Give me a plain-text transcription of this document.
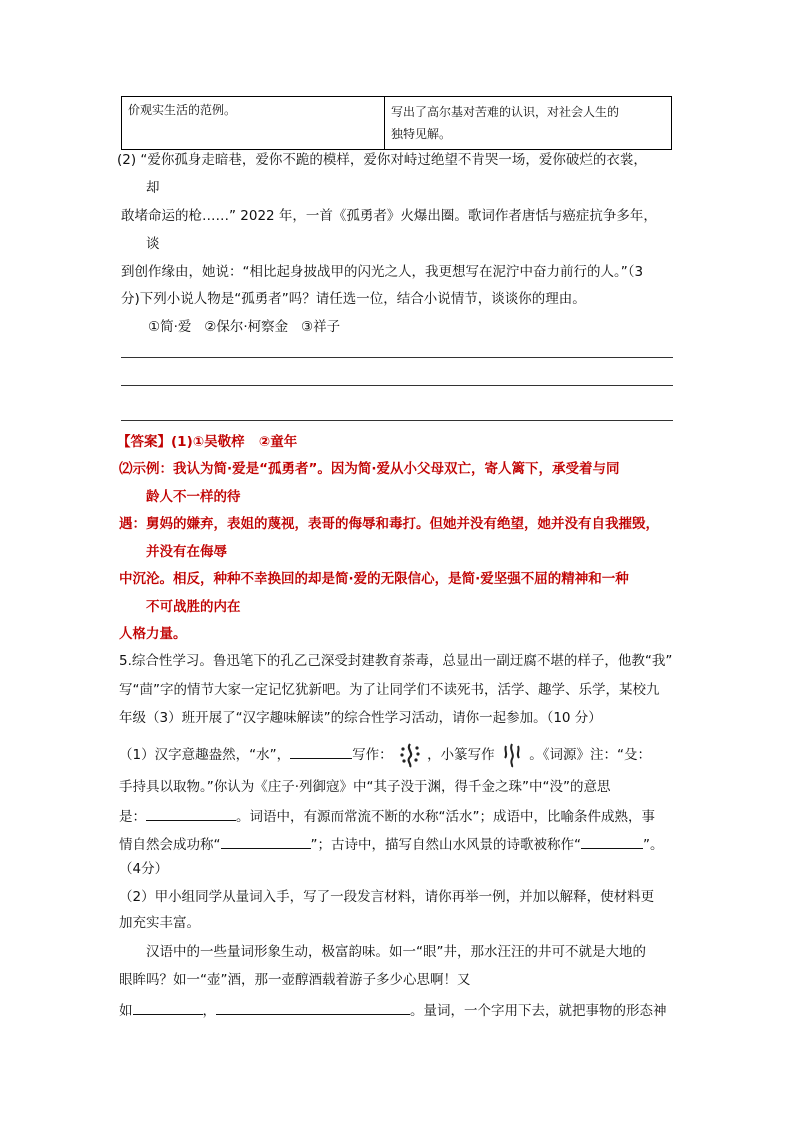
价观实生活的范例。	写出了高尔基对苦难的认识，对社会人生的
独特见解。
(2) “爱你孤身走暗巷，爱你不跪的模样，爱你对峙过绝望不肯哭一场，爱你破烂的衣裳，
却
敢堵命运的枪……” 2022 年，一首《孤勇者》火爆出圈。歌词作者唐恬与癌症抗争多年，
谈
到创作缘由，她说：“相比起身披战甲的闪光之人，我更想写在泥泞中奋力前行的人。”（3
分)下列小说人物是“孤勇者”吗？请任选一位，结合小说情节，谈谈你的理由。
①简·爱   ②保尔·柯察金   ③祥子
【答案】(1)①吴敬梓   ②童年
⑵示例：我认为简·爱是“孤勇者”。因为简·爱从小父母双亡，寄人篱下，承受着与同
龄人不一样的待
遇：舅妈的嫌弃，表姐的蔑视，表哥的侮辱和毒打。但她并没有绝望，她并没有自我摧毁，
并没有在侮辱
中沉沦。相反，种种不幸换回的却是简·爱的无限信心，是简·爱坚强不屈的精神和一种
不可战胜的内在
人格力量。
5.综合性学习。鲁迅笔下的孔乙己深受封建教育荼毒，总显出一副迂腐不堪的样子，他教“我”
写“茴”字的情节大家一定记忆犹新吧。为了让同学们不读死书，活学、趣学、乐学，某校九
年级（3）班开展了“汉字趣味解读”的综合性学习活动，请你一起参加。（10 分）
（1）汉字意趣盎然，“水”，	写作：	，小篆写作	。《词源》注：“殳：
手持具以取物。”你认为《庄子·列御寇》中“其子没于渊，得千金之珠”中“没”的意思
是：	。词语中，有源而常流不断的水称“活水”；成语中，比喻条件成熟，事
情自然会成功称“	”；古诗中，描写自然山水风景的诗歌被称作“	”。
（4分）
（2）甲小组同学从量词入手，写了一段发言材料，请你再举一例，并加以解释，使材料更
加充实丰富。
汉语中的一些量词形象生动，极富韵味。如一“眼”井，那水汪汪的井可不就是大地的
眼眸吗？如一“壶”酒，那一壶醇酒载着游子多少心思啊！又
如	，	。量词，一个字用下去，就把事物的形态神
